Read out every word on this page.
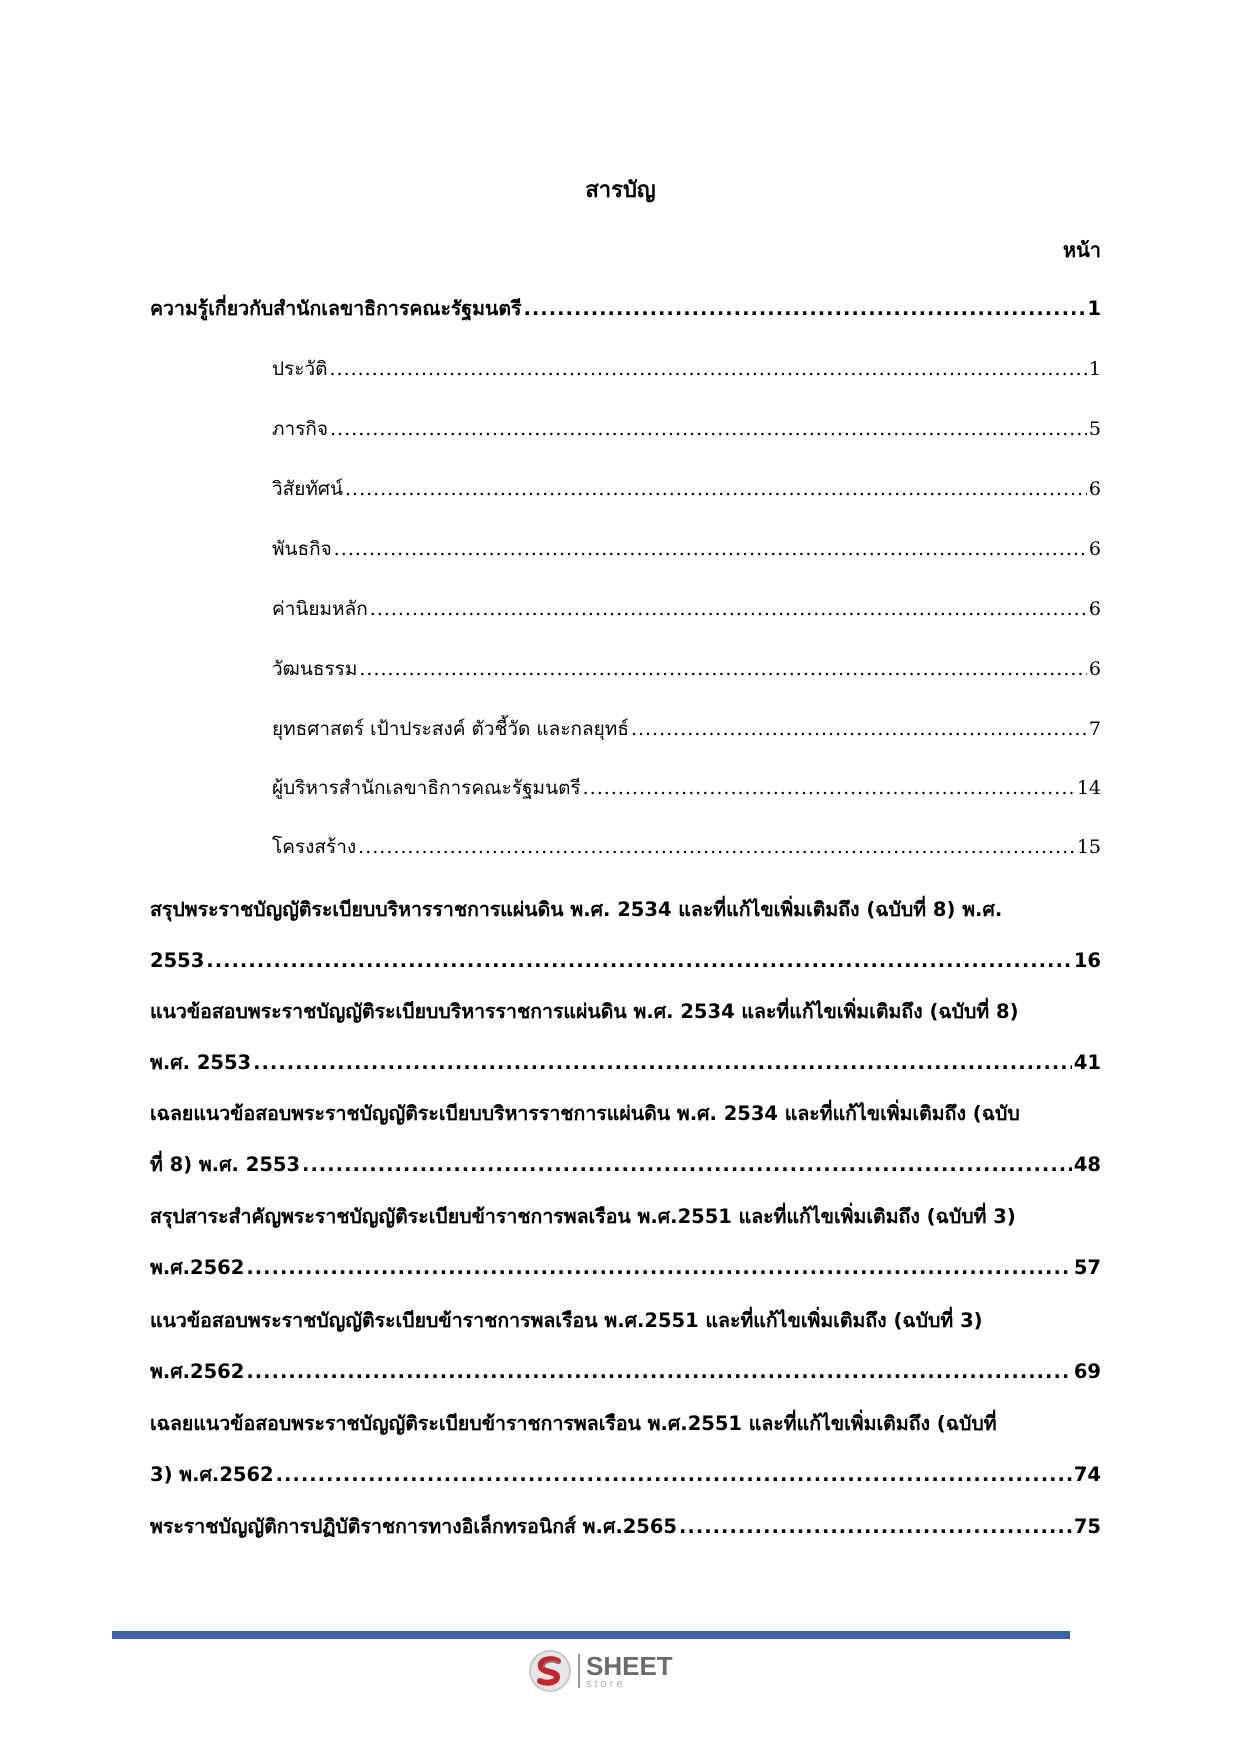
สารบัญ
หน้า
ความรู้เกี่ยวกับสำนักเลขาธิการคณะรัฐมนตรี .....	1
ประวัติ .....	1
ภารกิจ .....	5
วิสัยทัศน์ .....	6
พันธกิจ .....	6
ค่านิยมหลัก .....	6
วัฒนธรรม .....	6
ยุทธศาสตร์ เป้าประสงค์ ตัวชี้วัด และกลยุทธ์ .....	7
ผู้บริหารสำนักเลขาธิการคณะรัฐมนตรี .....	14
โครงสร้าง .....	15
สรุปพระราชบัญญัติระเบียบบริหารราชการแผ่นดิน พ.ศ. 2534 และที่แก้ไขเพิ่มเติมถึง (ฉบับที่ 8) พ.ศ.
2553 .....	16
แนวข้อสอบพระราชบัญญัติระเบียบบริหารราชการแผ่นดิน พ.ศ. 2534 และที่แก้ไขเพิ่มเติมถึง (ฉบับที่ 8)
พ.ศ. 2553 .....	41
เฉลยแนวข้อสอบพระราชบัญญัติระเบียบบริหารราชการแผ่นดิน พ.ศ. 2534 และที่แก้ไขเพิ่มเติมถึง (ฉบับ
ที่ 8) พ.ศ. 2553 .....	48
สรุปสาระสำคัญพระราชบัญญัติระเบียบข้าราชการพลเรือน พ.ศ.2551 และที่แก้ไขเพิ่มเติมถึง (ฉบับที่ 3)
พ.ศ.2562 .....	57
แนวข้อสอบพระราชบัญญัติระเบียบข้าราชการพลเรือน พ.ศ.2551 และที่แก้ไขเพิ่มเติมถึง (ฉบับที่ 3)
พ.ศ.2562 .....	69
เฉลยแนวข้อสอบพระราชบัญญัติระเบียบข้าราชการพลเรือน พ.ศ.2551 และที่แก้ไขเพิ่มเติมถึง (ฉบับที่
3) พ.ศ.2562 .....	74
พระราชบัญญัติการปฏิบัติราชการทางอิเล็กทรอนิกส์ พ.ศ.2565 .....	75
SHEET
store
